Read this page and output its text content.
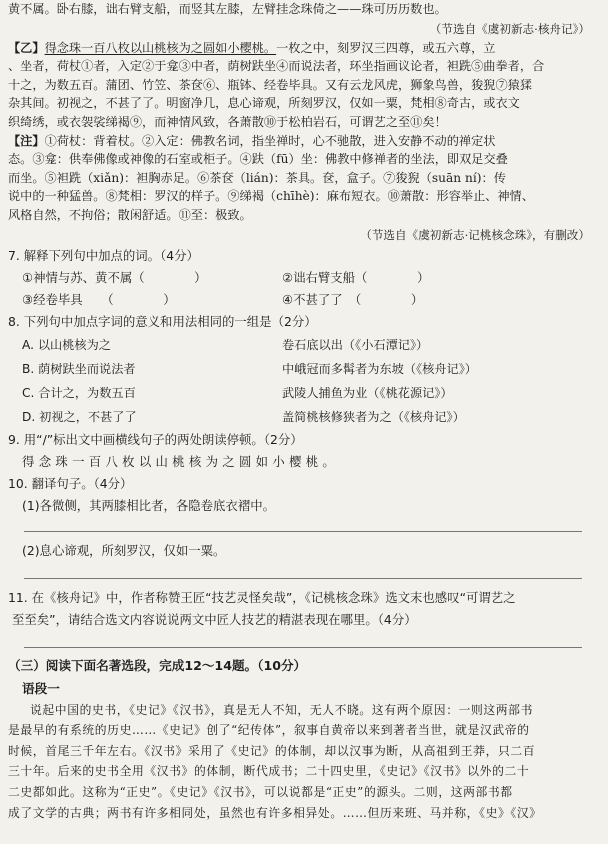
黄不属。卧右膝，诎右臂支船，而竖其左膝，左臂挂念珠倚之——珠可历历数也。

（节选自《虞初新志·核舟记》）

【乙】得念珠一百八枚以山桃核为之圆如小樱桃。一枚之中，刻罗汉三四尊，或五六尊，立

、坐者，荷杖①者，入定②于龛③中者，荫树趺坐④而说法者，环坐指画议论者，袒跣⑤曲拳者，合

十之，为数五百。蒲团、竹笠、茶奁⑥、瓶钵、经卷毕具。又有云龙风虎，狮象鸟兽，狻猊⑦猿猱

杂其间。初视之，不甚了了。明窗净几，息心谛观，所刻罗汉，仅如一粟，梵相⑧奇古，或衣文

织绮绣，或衣袈裟绨褐⑨，而神情风致，各萧散⑩于松柏岩石，可谓艺之至⑪矣！

【注】①荷杖：背着杖。②入定：佛教名词，指坐禅时，心不驰散，进入安静不动的禅定状

态。③龛：供奉佛像或神像的石室或柜子。④趺（fū）坐：佛教中修禅者的坐法，即双足交叠

而坐。⑤袒跣（xiǎn)：袒胸赤足。⑥茶奁（lián)：茶具。奁，盒子。⑦狻猊（suān ní)：传

说中的一种猛兽。⑧梵相：罗汉的样子。⑨绨褐（chīhè)：麻布短衣。⑩萧散：形容举止、神情、

风格自然，不拘俗；散闲舒适。⑪至：极致。

（节选自《虞初新志·记桃核念珠》，有删改）

7. 解释下列句中加点的词。（4分）

①神情与苏、黄不属（　　　　）	②诎右臂支船（　　　　）
③经卷毕具　　（　　　　）	④不甚了了　（　　　　）

8. 下列句中加点字词的意义和用法相同的一组是（2分）

A. 以山桃核为之	卷石底以出（《小石潭记》）
B. 荫树趺坐而说法者	中峨冠而多髯者为东坡（《核舟记》）
C. 合计之，为数五百	武陵人捕鱼为业（《桃花源记》）
D. 初视之，不甚了了	盖简桃核修狭者为之（《核舟记》）

9. 用“/”标出文中画横线句子的两处朗读停顿。（2分）

得念珠一百八枚以山桃核为之圆如小樱桃。

10. 翻译句子。（4分）

(1)各微侧，其两膝相比者，各隐卷底衣褶中。

(2)息心谛观，所刻罗汉，仅如一粟。

11. 在《核舟记》中，作者称赞王匠“技艺灵怪矣哉”，《记桃核念珠》选文末也感叹“可谓艺之

至至矣”，请结合选文内容说说两文中匠人技艺的精湛表现在哪里。（4分）

（三）阅读下面名著选段，完成12～14题。（10分）

语段一

说起中国的史书，《史记》《汉书》，真是无人不知，无人不晓。这有两个原因：一则这两部书

是最早的有系统的历史……《史记》创了“纪传体”，叙事自黄帝以来到著者当世，就是汉武帝的

时候，首尾三千年左右。《汉书》采用了《史记》的体制，却以汉事为断，从高祖到王莽，只二百

三十年。后来的史书全用《汉书》的体制，断代成书；二十四史里，《史记》《汉书》以外的二十

二史都如此。这称为“正史”。《史记》《汉书》，可以说都是“正史”的源头。二则，这两部书都

成了文学的古典；两书有许多相同处，虽然也有许多相异处。……但历来班、马并称，《史》《汉》
